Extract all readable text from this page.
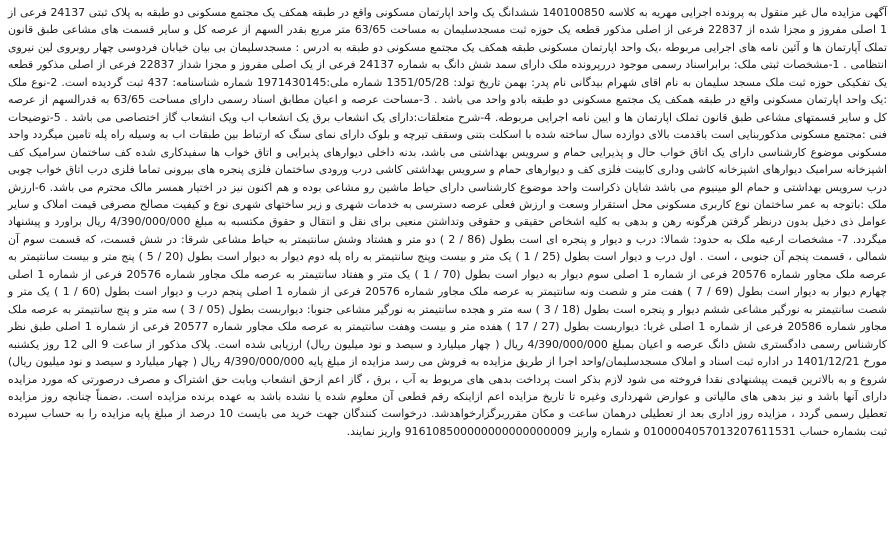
آگهی مزایده مال غیر منقول به پرونده اجرایی مهریه به کلاسه 140100850 ششدانگ یک واحد اپارتمان مسکونی واقع در طبقه همکف یک مجتمع مسکونی دو طبقه به پلاک ثبتی 24137 فرعی از 1 اصلی مفروز و مجزا شده از 22837 فرعی از اصلی مذکور قطعه یک حوزه ثبت مسجدسلیمان به مساحت 63/65 متر مربع بقدر السهم از عرصه کل و سایر قسمت های مشاعی طبق قانون تملک آپارتمان ها و آئین نامه های اجرایی مربوطه ،یک واحد اپارتمان مسکونی طبقه همکف یک مجتمع مسکونی دو طبقه به ادرس : مسجدسلیمان بی بیان خیابان فردوسی چهار روبروی لین نیروی انتظامی . 1-مشخصات ثبتی ملک: برابراسناد رسمی موجود دررپرونده ملک دارای سمد شش دانگ به شماره 24137 فرعی از یک اصلی مفروز و مجزا شداز 22837 فرعی از اصلی مذکور قطعه یک تفکیکی حوزه ثبت ملک مسجد سلیمان به نام اقای شهرام بیدگانی نام پدر: بهمن تاریخ تولد: 1351/05/28 شماره ملی:1971430145 شماره شناسنامه: 437 ثبت گردیده است. 2-نوع ملک :یک واحد اپارتمان مسکونی واقع در طبقه همکف یک مجتمع مسکونی دو طبقه بادو واحد می باشد . 3-مساحت عرصه و اعیان مطابق اسناد رسمی دارای مساحت 63/65 به قدرالسهم از عرصه کل و سایر قسمتهای مشاعی طبق قانون تملک اپارتمان ها و ایین نامه اجرایی مربوطه. 4-شرح متعلقات:دارای یک انشعاب برق یک انشعاب اب ویک انشعاب گاز اختصاصی می باشد . 5-توضیحات فنی :مجتمع مسکونی مذکوربنایی است باقدمت بالای دوازده سال ساخته شده با اسکلت بتنی وسقف تیرچه و بلوک دارای نمای سنگ که ارتباط بین طبقات اب به وسیله راه پله تامین میگردد واحد مسکونی موضوع کارشناسی دارای یک اتاق خواب حال و پذیرایی حمام و سرویس بهداشتی می باشد، بدنه داخلی دیوارهای پذیرایی و اتاق خواب ها سفیدکاری شده کف ساختمان سرامیک کف اشپزخانه سرامیک دیوارهای اشپزخانه کاشی وداری کابینت فلزی کف و دیوارهای حمام و سرویس بهداشتی کاشی درب ورودی ساختمان فلزی پنجره های بیرونی تماما فلزی درب اتاق خواب چوبی درب سرویس بهداشتی و حمام الو مینیوم می باشد شایان ذکراست واحد موضوع کارشناسی دارای حیاط ماشین رو مشاعی بوده و هم اکنون نیز در اختیار همسر مالک محترم می باشد. 6-ارزش ملک :باتوجه به عمر ساختمان نوع کاربری مسکونی محل استقرار وسعت و ارزش فعلی عرصه دسترسی به خدمات شهری و زیر ساختهای شهری نوع و کیفیت مصالح مصرفی قیمت املاک و سایر عوامل ذی دخیل بدون درنظر گرفتن هرگونه رهن و بدهی به کلیه اشخاص حقیقی و حقوقی وتداشتن منعیی برای نقل و انتقال و حقوق مکتسبه به مبلغ 4/390/000/000 ریال براورد و پیشنهاد میگردد. 7- مشخصات ارعیه ملک به حدود: شمالا: درب و دیوار و پنجره ای است بطول (86 / 2 ) دو متر و هشتاد وشش سانتیمتر به حیاط مشاعی شرقا: در شش قسمت، که قسمت سوم آن شمالی ، قسمت پنجم آن جنوبی ، است . اول درب و دیوار است بطول (25 / 1 ) یک متر و بیست وپنج سانتیمتر به راه پله دوم دیوار به دیوار است بطول (20 / 5 ) پنج متر و بیست سانتیمتر به عرصه ملک مجاور شماره 20576 فرعی از شماره 1 اصلی سوم دیوار به دیوار است بطول (70 / 1 ) یک متر و هفتاد سانتیمتر به عرصه ملک مجاور شماره 20576 فرعی از شماره 1 اصلی چهارم دیوار به دیوار است بطول (69 / 7 ) هفت متر و شصت ونه سانتیمتر به عرصه ملک مجاور شماره 20576 فرعی از شماره 1 اصلی پنجم درب و دیوار است بطول (60 / 1 ) یک متر و شصت سانتیمتر به نورگیر مشاعی ششم دیوار و پنجره است بطول (18 / 3 ) سه متر و هجده سانتیمتر به نورگیر مشاعی جنوبا: دیواربست بطول (05 / 3 ) سه متر و پنج سانتیمتر به عرصه ملک مجاور شماره 20586 فرعی از شماره 1 اصلی غربا: دیواربست بطول (27 / 17 ) هفده متر و بیست وهفت سانتیمتر به عرصه ملک مجاور شماره 20577 فرعی از شماره 1 اصلی طبق نظر کارشناس رسمی دادگستری شش دانگ عرصه و اعیان بمبلغ 4/390/000/000 ریال ( چهار میلیارد و سیصد و نود میلیون ریال) ارزیابی شده است. پلاک مذکور از ساعت 9 الی 12 روز یکشنبه مورخ 1401/12/21 در اداره ثبت اسناد و املاک مسجدسلیمان/واحد اجرا از طریق مزایده به فروش می رسد مزایده از مبلغ پایه 4/390/000/000 ریال ( چهار میلیارد و سیصد و نود میلیون ریال) شروع و به بالاترین قیمت پیشنهادی نقدا فروخته می شود لازم بذکر است پرداخت بدهی های مربوط به آب ، برق ، گاز اعم ازحق انشعاب وبابت حق اشتراک و مصرف درصورتی که مورد مزایده دارای آنها باشد و نیز بدهی های مالیاتی و عوارض شهرداری وغیره تا تاریخ مزایده اعم ازاینکه رقم قطعی آن معلوم شده یا نشده باشد به عهده برنده مزایده است. ،ضمناً چنانچه روز مزایده تعطیل رسمی گردد ، مزایده روز اداری بعد از تعطیلی درهمان ساعت و مکان مقرربرگزارخواهدشد. درخواست کنندگان جهت خرید می بایست 10 درصد از مبلغ پایه مزایده را به حساب سپرده ثبت بشماره حساب 0100004057013207611531 و شماره واریز 916108500000000000000009 واریز نمایند.
